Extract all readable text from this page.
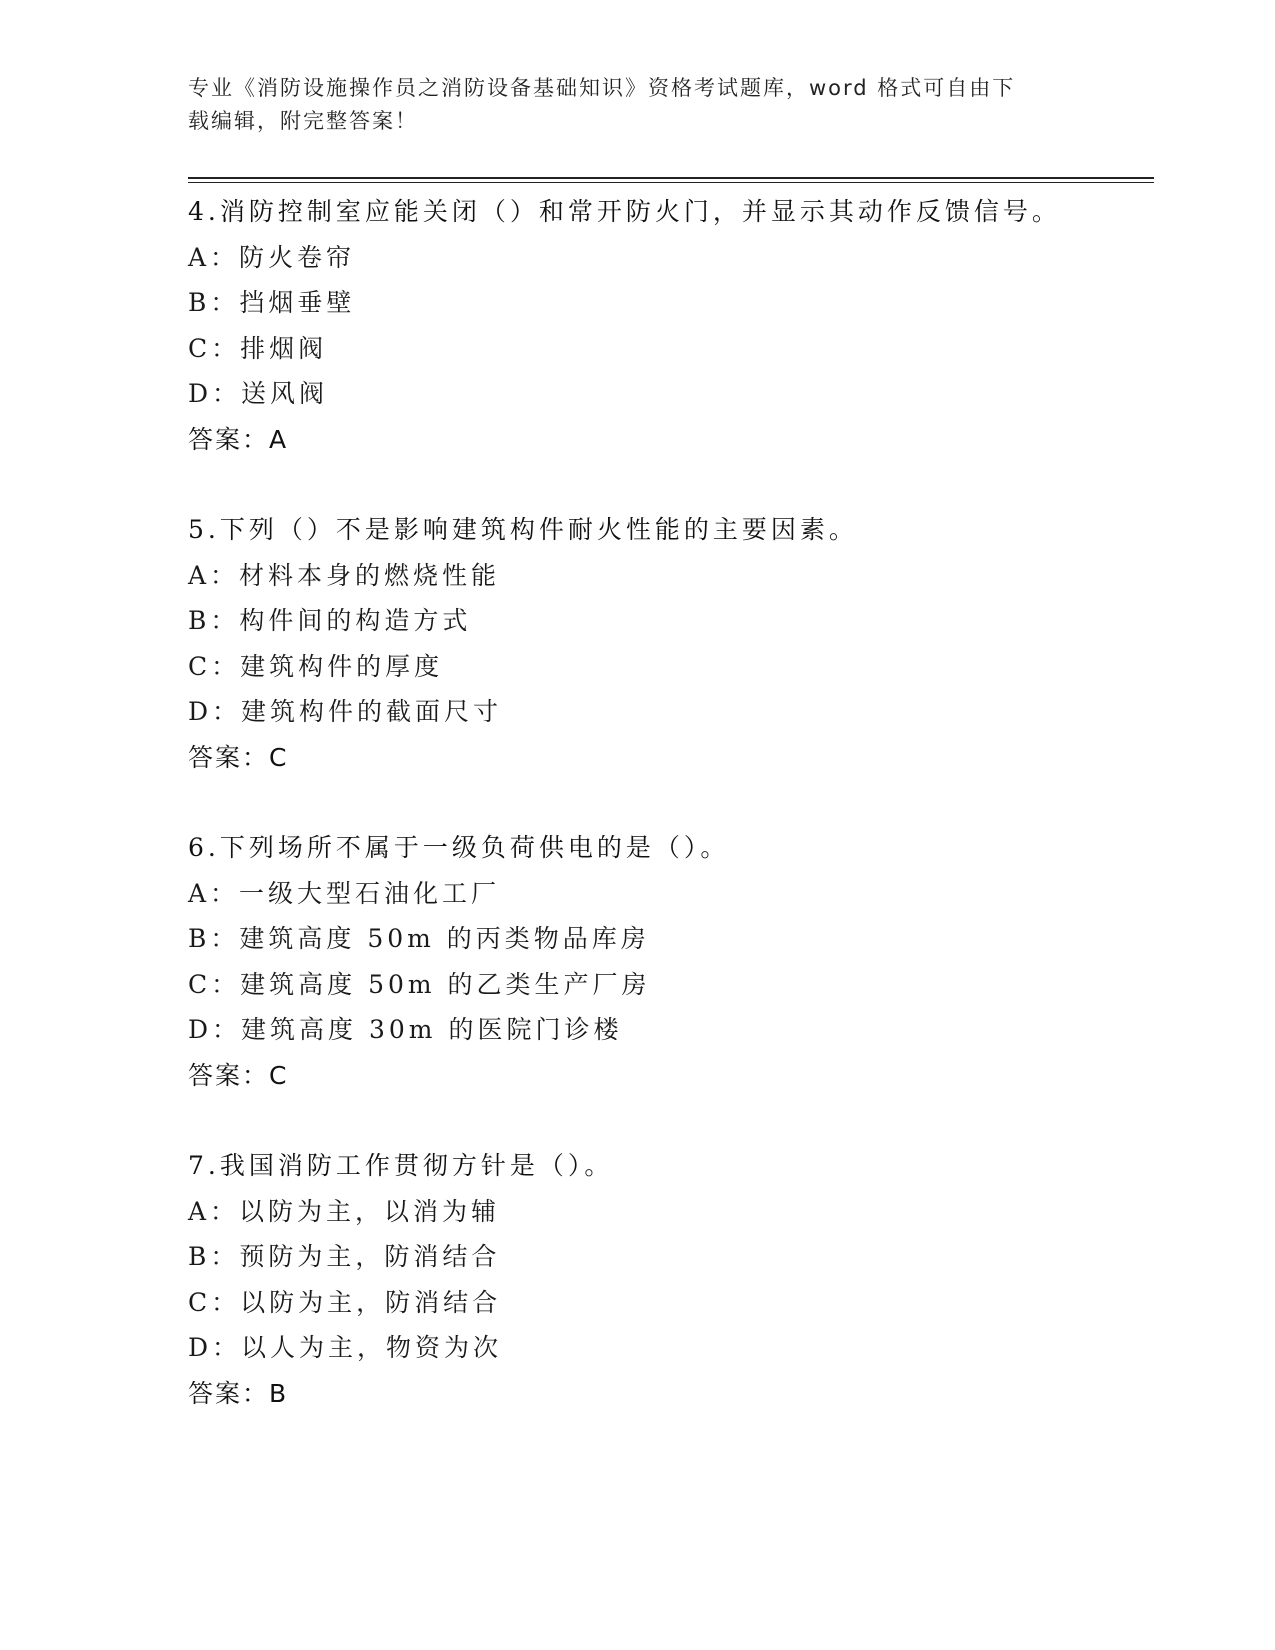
专业《消防设施操作员之消防设备基础知识》资格考试题库，word 格式可自由下
载编辑，附完整答案！
4.消防控制室应能关闭（）和常开防火门，并显示其动作反馈信号。
A：防火卷帘
B：挡烟垂壁
C：排烟阀
D：送风阀
答案：A
5.下列（）不是影响建筑构件耐火性能的主要因素。
A：材料本身的燃烧性能
B：构件间的构造方式
C：建筑构件的厚度
D：建筑构件的截面尺寸
答案：C
6.下列场所不属于一级负荷供电的是（）。
A：一级大型石油化工厂
B：建筑高度 50m 的丙类物品库房
C：建筑高度 50m 的乙类生产厂房
D：建筑高度 30m 的医院门诊楼
答案：C
7.我国消防工作贯彻方针是（）。
A：以防为主，以消为辅
B：预防为主，防消结合
C：以防为主，防消结合
D：以人为主，物资为次
答案：B
